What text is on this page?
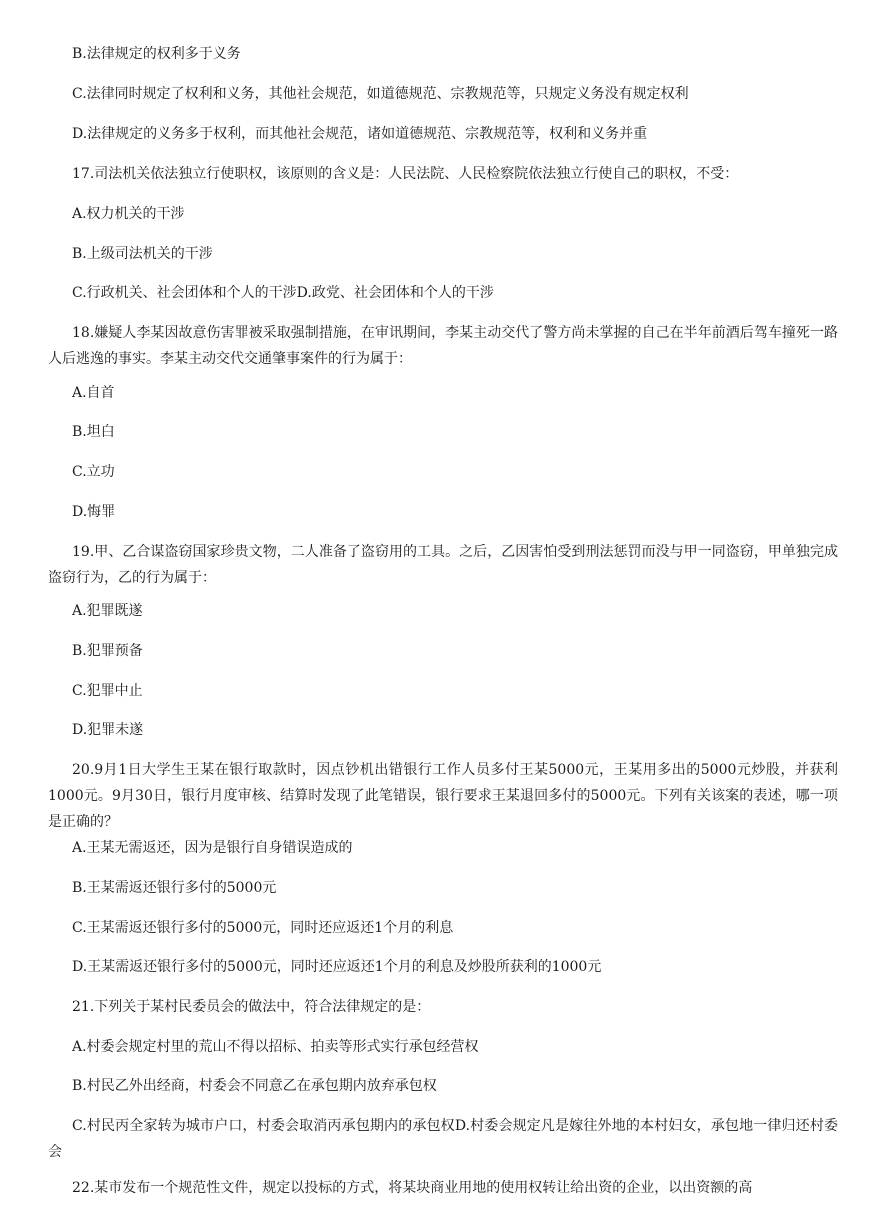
B.法律规定的权利多于义务

C.法律同时规定了权利和义务，其他社会规范，如道德规范、宗教规范等，只规定义务没有规定权利

D.法律规定的义务多于权利，而其他社会规范，诸如道德规范、宗教规范等，权利和义务并重

17.司法机关依法独立行使职权，该原则的含义是：人民法院、人民检察院依法独立行使自己的职权，不受：

A.权力机关的干涉

B.上级司法机关的干涉

C.行政机关、社会团体和个人的干涉D.政党、社会团体和个人的干涉

18.嫌疑人李某因故意伤害罪被采取强制措施，在审讯期间，李某主动交代了警方尚未掌握的自己在半年前酒后驾车撞死一路人后逃逸的事实。李某主动交代交通肇事案件的行为属于：

A.自首

B.坦白

C.立功

D.悔罪

19.甲、乙合谋盗窃国家珍贵文物，二人准备了盗窃用的工具。之后，乙因害怕受到刑法惩罚而没与甲一同盗窃，甲单独完成盗窃行为，乙的行为属于：

A.犯罪既遂

B.犯罪预备

C.犯罪中止

D.犯罪未遂

20.9月1日大学生王某在银行取款时，因点钞机出错银行工作人员多付王某5000元，王某用多出的5000元炒股，并获利1000元。9月30日，银行月度审核、结算时发现了此笔错误，银行要求王某退回多付的5000元。下列有关该案的表述，哪一项是正确的？

A.王某无需返还，因为是银行自身错误造成的

B.王某需返还银行多付的5000元

C.王某需返还银行多付的5000元，同时还应返还1个月的利息

D.王某需返还银行多付的5000元，同时还应返还1个月的利息及炒股所获利的1000元

21.下列关于某村民委员会的做法中，符合法律规定的是：

A.村委会规定村里的荒山不得以招标、拍卖等形式实行承包经营权

B.村民乙外出经商，村委会不同意乙在承包期内放弃承包权

C.村民丙全家转为城市户口，村委会取消丙承包期内的承包权D.村委会规定凡是嫁往外地的本村妇女，承包地一律归还村委会

22.某市发布一个规范性文件，规定以投标的方式，将某块商业用地的使用权转让给出资的企业，以出资额的高
